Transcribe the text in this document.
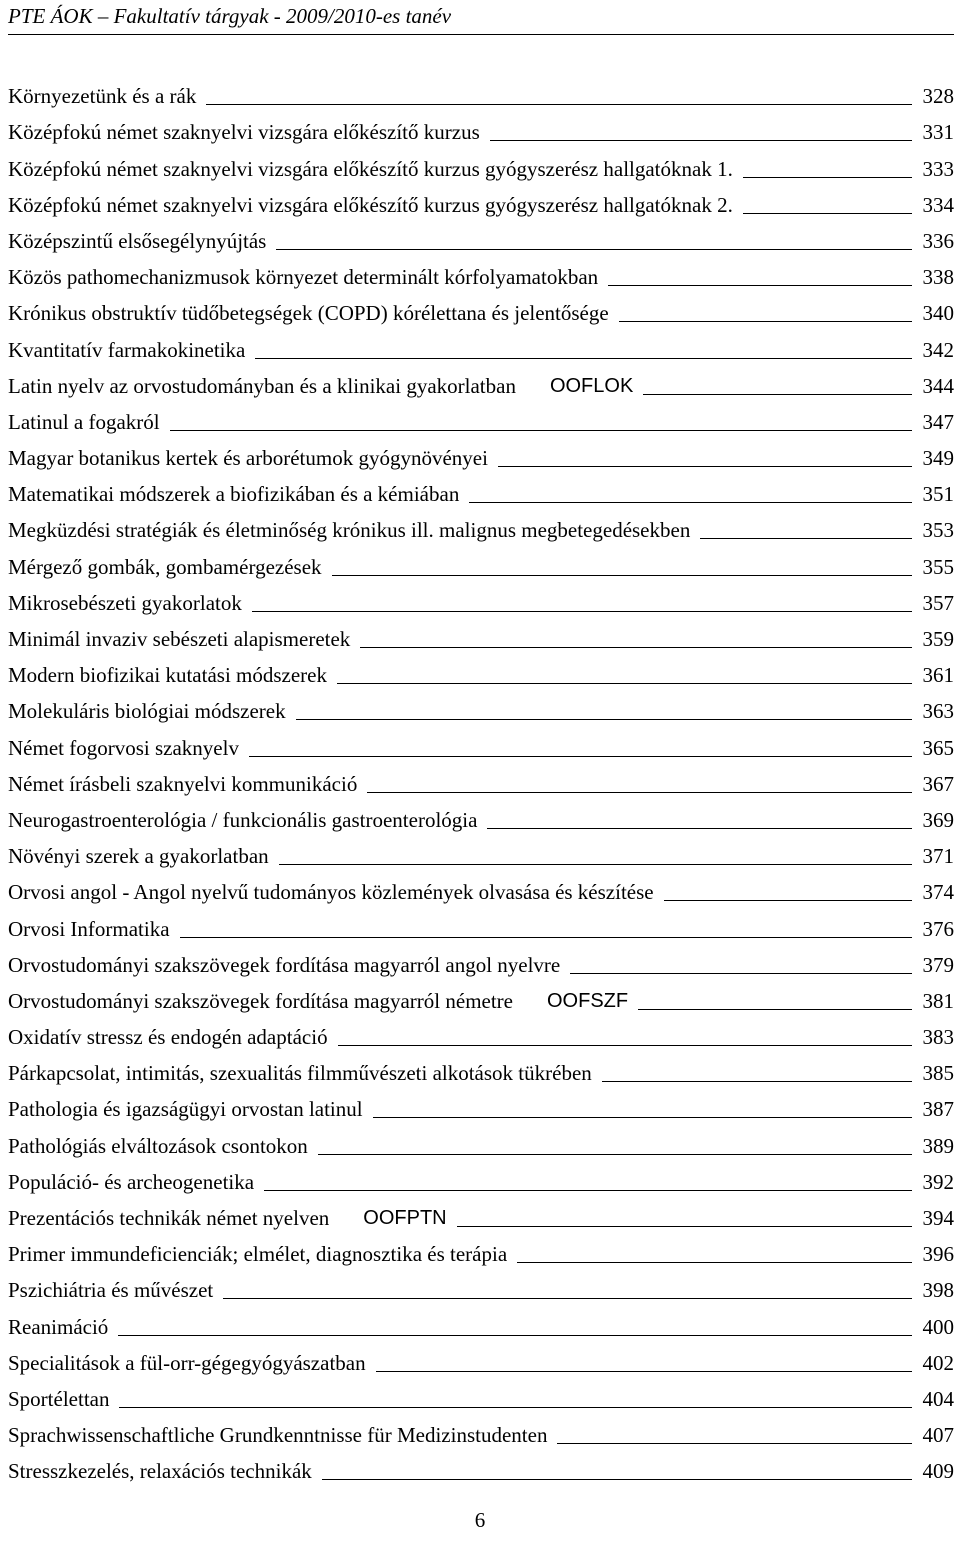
PTE ÁOK – Fakultatív tárgyak - 2009/2010-es tanév
Környezetünk és a rák	328
Középfokú német szaknyelvi vizsgára előkészítő kurzus	331
Középfokú német szaknyelvi vizsgára előkészítő kurzus gyógyszerész hallgatóknak 1.	333
Középfokú német szaknyelvi vizsgára előkészítő kurzus gyógyszerész hallgatóknak 2.	334
Középszintű elsősegélynyújtás	336
Közös pathomechanizmusok környezet determinált kórfolyamatokban	338
Krónikus obstruktív tüdőbetegségek (COPD) kórélettana és jelentősége	340
Kvantitatív farmakokinetika	342
Latin nyelv az orvostudományban és a klinikai gyakorlatban OOFLOK	344
Latinul a fogakról	347
Magyar botanikus kertek és arborétumok gyógynövényei	349
Matematikai módszerek a biofizikában és a kémiában	351
Megküzdési stratégiák és életminőség krónikus ill. malignus megbetegedésekben	353
Mérgező gombák, gombamérgezések	355
Mikrosebészeti gyakorlatok	357
Minimál invaziv sebészeti alapismeretek	359
Modern biofizikai kutatási módszerek	361
Molekuláris biológiai módszerek	363
Német fogorvosi szaknyelv	365
Német írásbeli szaknyelvi kommunikáció	367
Neurogastroenterológia / funkcionális gastroenterológia	369
Növényi szerek a gyakorlatban	371
Orvosi angol - Angol nyelvű tudományos közlemények olvasása és készítése	374
Orvosi Informatika	376
Orvostudományi szakszövegek fordítása magyarról angol nyelvre	379
Orvostudományi szakszövegek fordítása magyarról németre OOFSZF	381
Oxidatív stressz és endogén adaptáció	383
Párkapcsolat, intimitás, szexualitás filmművészeti alkotások tükrében	385
Pathologia és igazságügyi orvostan latinul	387
Pathológiás elváltozások csontokon	389
Populáció- és archeogenetika	392
Prezentációs technikák német nyelven OOFPTN	394
Primer immundeficienciák; elmélet, diagnosztika és terápia	396
Pszichiátria és művészet	398
Reanimáció	400
Specialitások a fül-orr-gégegyógyászatban	402
Sportélettan	404
Sprachwissenschaftliche Grundkenntnisse für Medizinstudenten	407
Stresszkezelés, relaxációs technikák	409
6
